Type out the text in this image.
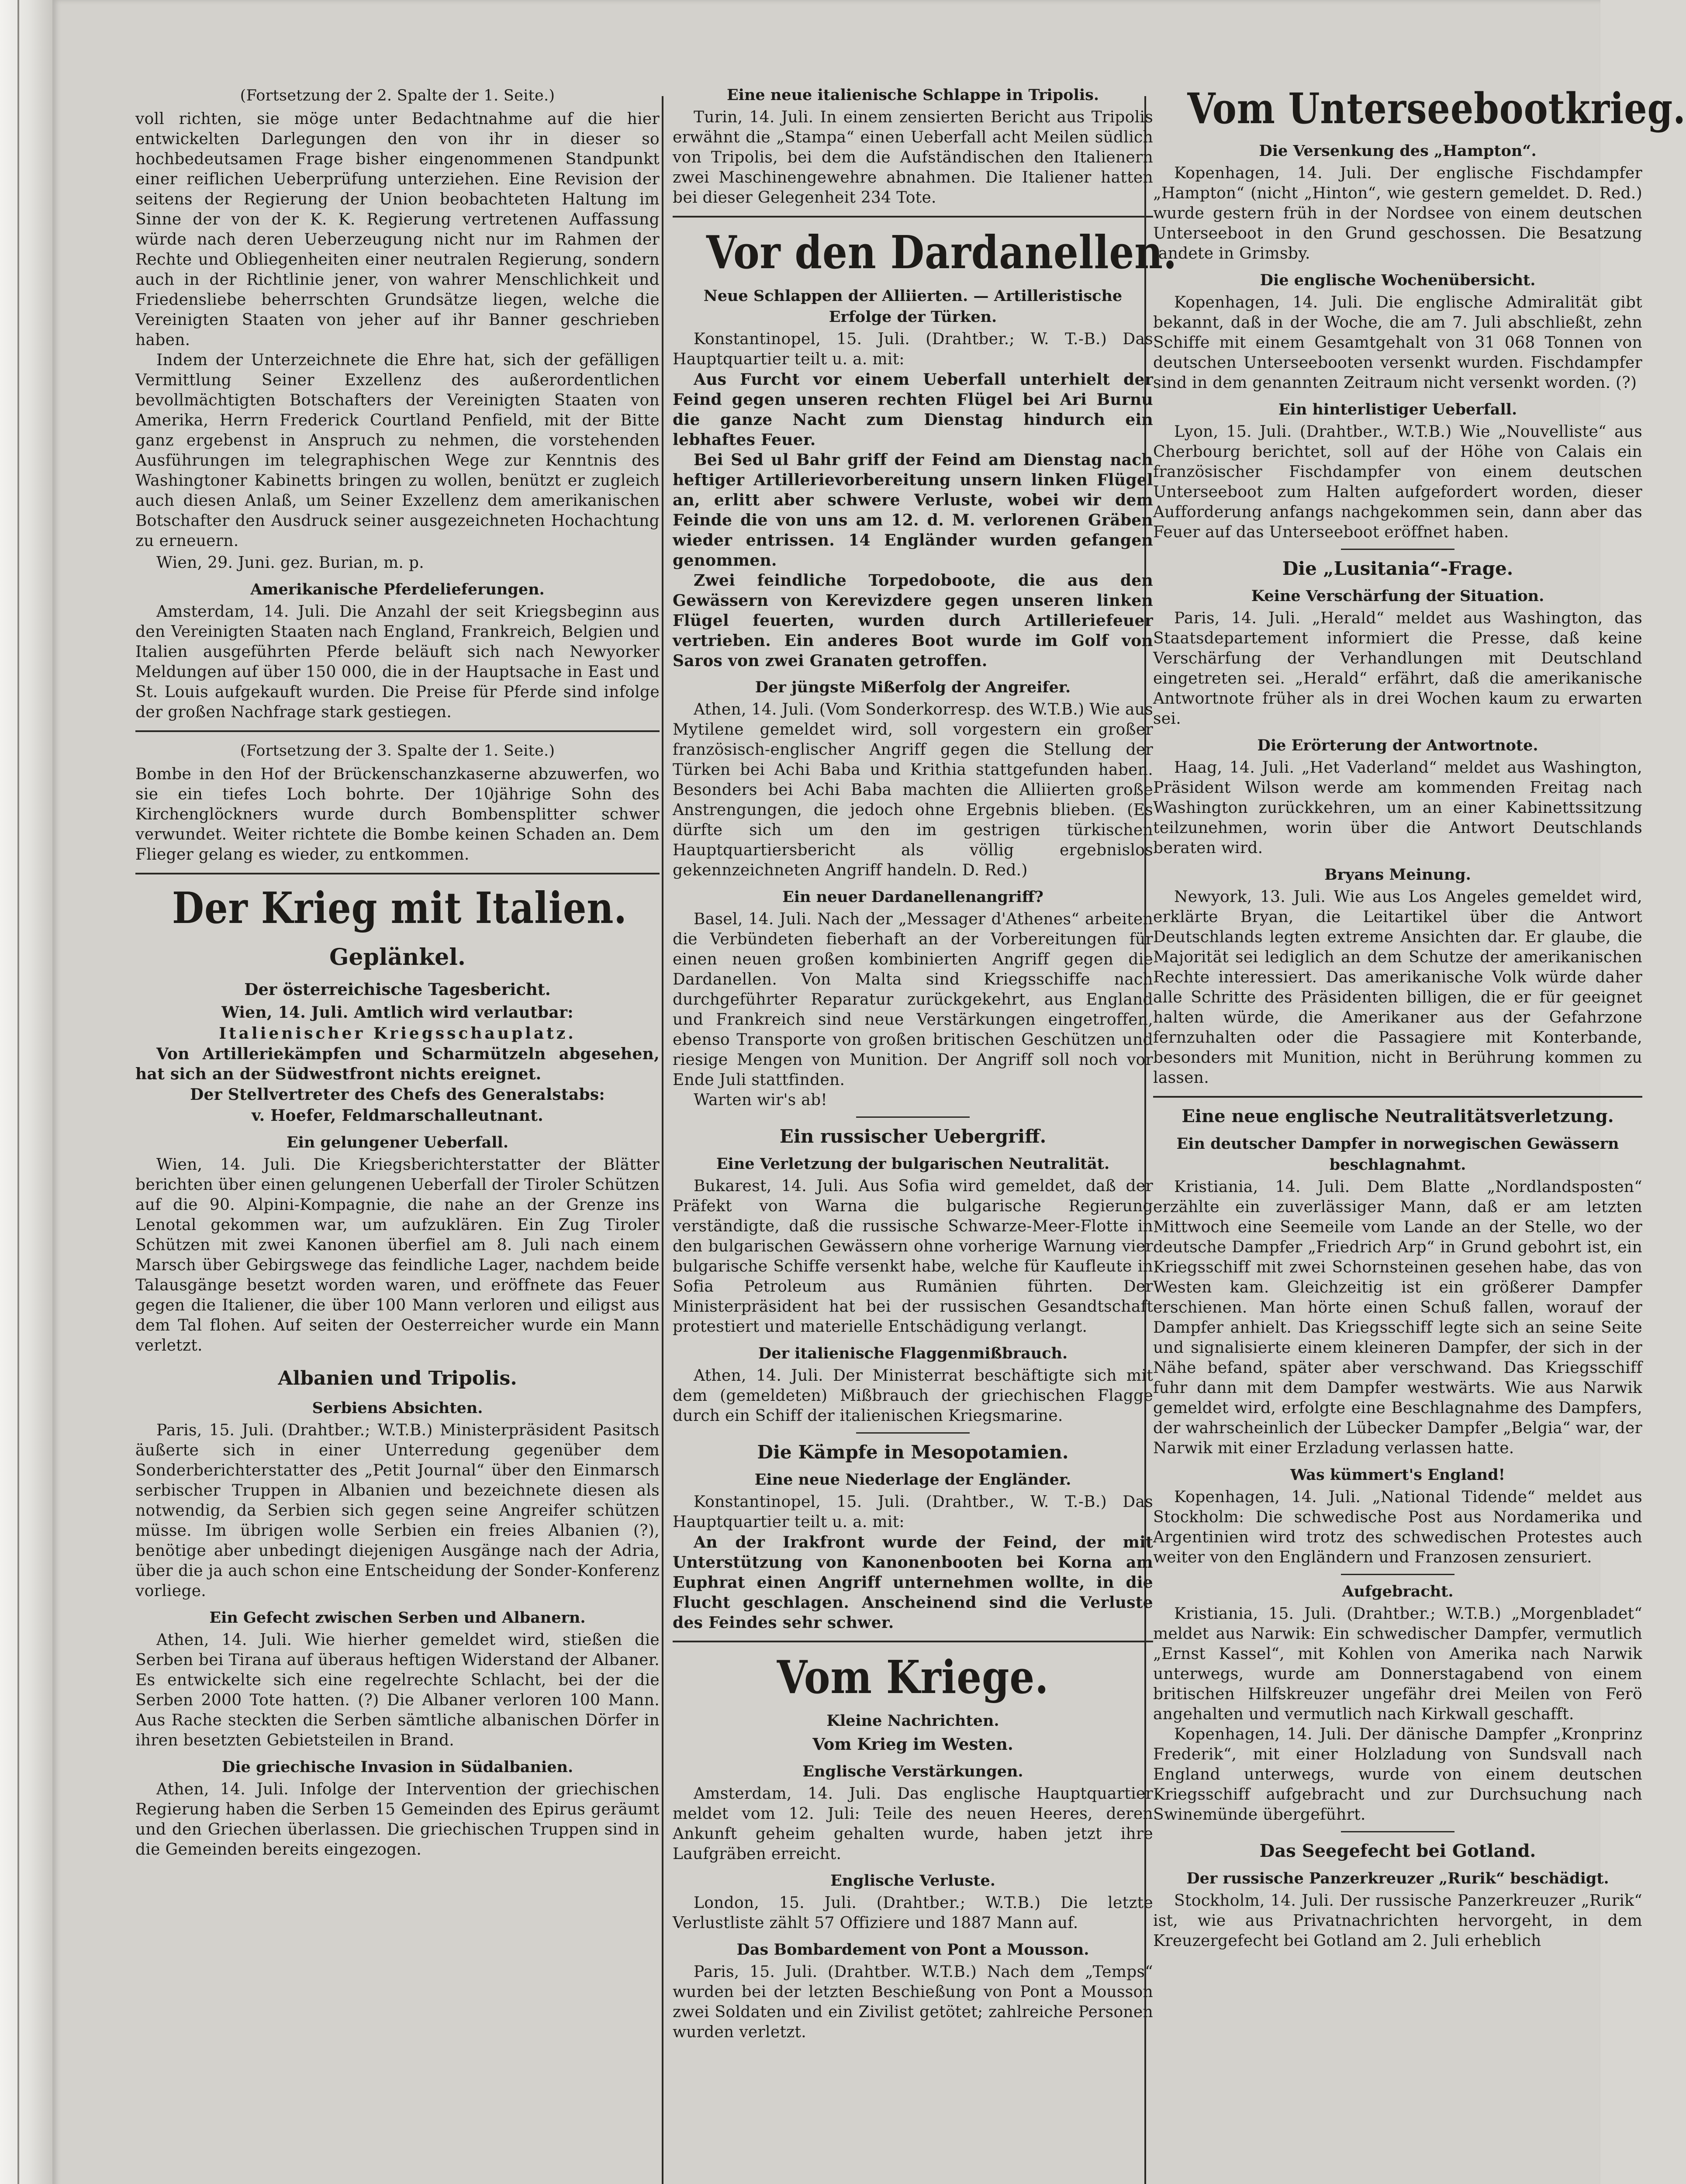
(Fortsetzung der 2. Spalte der 1. Seite.)

voll richten, sie möge unter Bedachtnahme auf die hier entwickelten Darlegungen den von ihr in dieser so hochbedeutsamen Frage bisher eingenommenen Standpunkt einer reiflichen Ueberprüfung unterziehen. Eine Revision der seitens der Regierung der Union beobachteten Haltung im Sinne der von der K. K. Regierung vertretenen Auffassung würde nach deren Ueberzeugung nicht nur im Rahmen der Rechte und Obliegenheiten einer neutralen Regierung, sondern auch in der Richtlinie jener, von wahrer Menschlichkeit und Friedensliebe beherrschten Grundsätze liegen, welche die Vereinigten Staaten von jeher auf ihr Banner geschrieben haben.

Indem der Unterzeichnete die Ehre hat, sich der gefälligen Vermittlung Seiner Exzellenz des außerordentlichen bevollmächtigten Botschafters der Vereinigten Staaten von Amerika, Herrn Frederick Courtland Penfield, mit der Bitte ganz ergebenst in Anspruch zu nehmen, die vorstehenden Ausführungen im telegraphischen Wege zur Kenntnis des Washingtoner Kabinetts bringen zu wollen, benützt er zugleich auch diesen Anlaß, um Seiner Exzellenz dem amerikanischen Botschafter den Ausdruck seiner ausgezeichneten Hochachtung zu erneuern.

Wien, 29. Juni. gez. Burian, m. p.

Amerikanische Pferdelieferungen.

Amsterdam, 14. Juli. Die Anzahl der seit Kriegsbeginn aus den Vereinigten Staaten nach England, Frankreich, Belgien und Italien ausgeführten Pferde beläuft sich nach Newyorker Meldungen auf über 150 000, die in der Hauptsache in East und St. Louis aufgekauft wurden. Die Preise für Pferde sind infolge der großen Nachfrage stark gestiegen.

(Fortsetzung der 3. Spalte der 1. Seite.)

Bombe in den Hof der Brückenschanzkaserne abzuwerfen, wo sie ein tiefes Loch bohrte. Der 10jährige Sohn des Kirchenglöckners wurde durch Bombensplitter schwer verwundet. Weiter richtete die Bombe keinen Schaden an. Dem Flieger gelang es wieder, zu entkommen.

Der Krieg mit Italien.
Geplänkel.
Der österreichische Tagesbericht.

Wien, 14. Juli. Amtlich wird verlautbar:

Italienischer Kriegsschauplatz.

Von Artilleriekämpfen und Scharmützeln abgesehen, hat sich an der Südwestfront nichts ereignet.

Der Stellvertreter des Chefs des Generalstabs:

v. Hoefer, Feldmarschalleutnant.

Ein gelungener Ueberfall.

Wien, 14. Juli. Die Kriegsberichterstatter der Blätter berichten über einen gelungenen Ueberfall der Tiroler Schützen auf die 90. Alpini-Kompagnie, die nahe an der Grenze ins Lenotal gekommen war, um aufzuklären. Ein Zug Tiroler Schützen mit zwei Kanonen überfiel am 8. Juli nach einem Marsch über Gebirgswege das feindliche Lager, nachdem beide Talausgänge besetzt worden waren, und eröffnete das Feuer gegen die Italiener, die über 100 Mann verloren und eiligst aus dem Tal flohen. Auf seiten der Oesterreicher wurde ein Mann verletzt.

Albanien und Tripolis.
Serbiens Absichten.

Paris, 15. Juli. (Drahtber.; W.T.B.) Ministerpräsident Pasitsch äußerte sich in einer Unterredung gegenüber dem Sonderberichterstatter des „Petit Journal“ über den Einmarsch serbischer Truppen in Albanien und bezeichnete diesen als notwendig, da Serbien sich gegen seine Angreifer schützen müsse. Im übrigen wolle Serbien ein freies Albanien (?), benötige aber unbedingt diejenigen Ausgänge nach der Adria, über die ja auch schon eine Entscheidung der Sonder-Konferenz vorliege.

Ein Gefecht zwischen Serben und Albanern.

Athen, 14. Juli. Wie hierher gemeldet wird, stießen die Serben bei Tirana auf überaus heftigen Widerstand der Albaner. Es entwickelte sich eine regelrechte Schlacht, bei der die Serben 2000 Tote hatten. (?) Die Albaner verloren 100 Mann. Aus Rache steckten die Serben sämtliche albanischen Dörfer in ihren besetzten Gebietsteilen in Brand.

Die griechische Invasion in Südalbanien.

Athen, 14. Juli. Infolge der Intervention der griechischen Regierung haben die Serben 15 Gemeinden des Epirus geräumt und den Griechen überlassen. Die griechischen Truppen sind in die Gemeinden bereits eingezogen.

Eine neue italienische Schlappe in Tripolis.

Turin, 14. Juli. In einem zensierten Bericht aus Tripolis erwähnt die „Stampa“ einen Ueberfall acht Meilen südlich von Tripolis, bei dem die Aufständischen den Italienern zwei Maschinengewehre abnahmen. Die Italiener hatten bei dieser Gelegenheit 234 Tote.

Vor den Dardanellen.
Neue Schlappen der Alliierten. — Artilleristische Erfolge der Türken.

Konstantinopel, 15. Juli. (Drahtber.; W. T.-B.) Das Hauptquartier teilt u. a. mit:

Aus Furcht vor einem Ueberfall unterhielt der Feind gegen unseren rechten Flügel bei Ari Burnu die ganze Nacht zum Dienstag hindurch ein lebhaftes Feuer.

Bei Sed ul Bahr griff der Feind am Dienstag nach heftiger Artillerievorbereitung unsern linken Flügel an, erlitt aber schwere Verluste, wobei wir dem Feinde die von uns am 12. d. M. verlorenen Gräben wieder entrissen. 14 Engländer wurden gefangen genommen.

Zwei feindliche Torpedoboote, die aus den Gewässern von Kerevizdere gegen unseren linken Flügel feuerten, wurden durch Artilleriefeuer vertrieben. Ein anderes Boot wurde im Golf von Saros von zwei Granaten getroffen.

Der jüngste Mißerfolg der Angreifer.

Athen, 14. Juli. (Vom Sonderkorresp. des W.T.B.) Wie aus Mytilene gemeldet wird, soll vorgestern ein großer französisch-englischer Angriff gegen die Stellung der Türken bei Achi Baba und Krithia stattgefunden haben. Besonders bei Achi Baba machten die Alliierten große Anstrengungen, die jedoch ohne Ergebnis blieben. (Es dürfte sich um den im gestrigen türkischen Hauptquartiersbericht als völlig ergebnislos gekennzeichneten Angriff handeln. D. Red.)

Ein neuer Dardanellenangriff?

Basel, 14. Juli. Nach der „Messager d'Athenes“ arbeiten die Verbündeten fieberhaft an der Vorbereitungen für einen neuen großen kombinierten Angriff gegen die Dardanellen. Von Malta sind Kriegsschiffe nach durchgeführter Reparatur zurückgekehrt, aus England und Frankreich sind neue Verstärkungen eingetroffen, ebenso Transporte von großen britischen Geschützen und riesige Mengen von Munition. Der Angriff soll noch vor Ende Juli stattfinden.

Warten wir's ab!

Ein russischer Uebergriff.
Eine Verletzung der bulgarischen Neutralität.

Bukarest, 14. Juli. Aus Sofia wird gemeldet, daß der Präfekt von Warna die bulgarische Regierung verständigte, daß die russische Schwarze-Meer-Flotte in den bulgarischen Gewässern ohne vorherige Warnung vier bulgarische Schiffe versenkt habe, welche für Kaufleute in Sofia Petroleum aus Rumänien führten. Der Ministerpräsident hat bei der russischen Gesandtschaft protestiert und materielle Entschädigung verlangt.

Der italienische Flaggenmißbrauch.

Athen, 14. Juli. Der Ministerrat beschäftigte sich mit dem (gemeldeten) Mißbrauch der griechischen Flagge durch ein Schiff der italienischen Kriegsmarine.

Die Kämpfe in Mesopotamien.
Eine neue Niederlage der Engländer.

Konstantinopel, 15. Juli. (Drahtber., W. T.-B.) Das Hauptquartier teilt u. a. mit:

An der Irakfront wurde der Feind, der mit Unterstützung von Kanonenbooten bei Korna am Euphrat einen Angriff unternehmen wollte, in die Flucht geschlagen. Anscheinend sind die Verluste des Feindes sehr schwer.

Vom Kriege.
Kleine Nachrichten.
Vom Krieg im Westen.
Englische Verstärkungen.

Amsterdam, 14. Juli. Das englische Hauptquartier meldet vom 12. Juli: Teile des neuen Heeres, deren Ankunft geheim gehalten wurde, haben jetzt ihre Laufgräben erreicht.

Englische Verluste.

London, 15. Juli. (Drahtber.; W.T.B.) Die letzte Verlustliste zählt 57 Offiziere und 1887 Mann auf.

Das Bombardement von Pont a Mousson.

Paris, 15. Juli. (Drahtber. W.T.B.) Nach dem „Temps“ wurden bei der letzten Beschießung von Pont a Mousson zwei Soldaten und ein Zivilist getötet; zahlreiche Personen wurden verletzt.

Vom Unterseebootkrieg.
Die Versenkung des „Hampton“.

Kopenhagen, 14. Juli. Der englische Fischdampfer „Hampton“ (nicht „Hinton“, wie gestern gemeldet. D. Red.) wurde gestern früh in der Nordsee von einem deutschen Unterseeboot in den Grund geschossen. Die Besatzung landete in Grimsby.

Die englische Wochenübersicht.

Kopenhagen, 14. Juli. Die englische Admiralität gibt bekannt, daß in der Woche, die am 7. Juli abschließt, zehn Schiffe mit einem Gesamtgehalt von 31 068 Tonnen von deutschen Unterseebooten versenkt wurden. Fischdampfer sind in dem genannten Zeitraum nicht versenkt worden. (?)

Ein hinterlistiger Ueberfall.

Lyon, 15. Juli. (Drahtber., W.T.B.) Wie „Nouvelliste“ aus Cherbourg berichtet, soll auf der Höhe von Calais ein französischer Fischdampfer von einem deutschen Unterseeboot zum Halten aufgefordert worden, dieser Aufforderung anfangs nachgekommen sein, dann aber das Feuer auf das Unterseeboot eröffnet haben.

Die „Lusitania“-Frage.
Keine Verschärfung der Situation.

Paris, 14. Juli. „Herald“ meldet aus Washington, das Staatsdepartement informiert die Presse, daß keine Verschärfung der Verhandlungen mit Deutschland eingetreten sei. „Herald“ erfährt, daß die amerikanische Antwortnote früher als in drei Wochen kaum zu erwarten sei.

Die Erörterung der Antwortnote.

Haag, 14. Juli. „Het Vaderland“ meldet aus Washington, Präsident Wilson werde am kommenden Freitag nach Washington zurückkehren, um an einer Kabinettssitzung teilzunehmen, worin über die Antwort Deutschlands beraten wird.

Bryans Meinung.

Newyork, 13. Juli. Wie aus Los Angeles gemeldet wird, erklärte Bryan, die Leitartikel über die Antwort Deutschlands legten extreme Ansichten dar. Er glaube, die Majorität sei lediglich an dem Schutze der amerikanischen Rechte interessiert. Das amerikanische Volk würde daher alle Schritte des Präsidenten billigen, die er für geeignet halten würde, die Amerikaner aus der Gefahrzone fernzuhalten oder die Passagiere mit Konterbande, besonders mit Munition, nicht in Berührung kommen zu lassen.

Eine neue englische Neutralitätsverletzung.
Ein deutscher Dampfer in norwegischen Gewässern beschlagnahmt.

Kristiania, 14. Juli. Dem Blatte „Nordlandsposten“ erzählte ein zuverlässiger Mann, daß er am letzten Mittwoch eine Seemeile vom Lande an der Stelle, wo der deutsche Dampfer „Friedrich Arp“ in Grund gebohrt ist, ein Kriegsschiff mit zwei Schornsteinen gesehen habe, das von Westen kam. Gleichzeitig ist ein größerer Dampfer erschienen. Man hörte einen Schuß fallen, worauf der Dampfer anhielt. Das Kriegsschiff legte sich an seine Seite und signalisierte einem kleineren Dampfer, der sich in der Nähe befand, später aber verschwand. Das Kriegsschiff fuhr dann mit dem Dampfer westwärts. Wie aus Narwik gemeldet wird, erfolgte eine Beschlagnahme des Dampfers, der wahrscheinlich der Lübecker Dampfer „Belgia“ war, der Narwik mit einer Erzladung verlassen hatte.

Was kümmert's England!

Kopenhagen, 14. Juli. „National Tidende“ meldet aus Stockholm: Die schwedische Post aus Nordamerika und Argentinien wird trotz des schwedischen Protestes auch weiter von den Engländern und Franzosen zensuriert.

Aufgebracht.

Kristiania, 15. Juli. (Drahtber.; W.T.B.) „Morgenbladet“ meldet aus Narwik: Ein schwedischer Dampfer, vermutlich „Ernst Kassel“, mit Kohlen von Amerika nach Narwik unterwegs, wurde am Donnerstagabend von einem britischen Hilfskreuzer ungefähr drei Meilen von Ferö angehalten und vermutlich nach Kirkwall geschafft.

Kopenhagen, 14. Juli. Der dänische Dampfer „Kronprinz Frederik“, mit einer Holzladung von Sundsvall nach England unterwegs, wurde von einem deutschen Kriegsschiff aufgebracht und zur Durchsuchung nach Swinemünde übergeführt.

Das Seegefecht bei Gotland.
Der russische Panzerkreuzer „Rurik“ beschädigt.

Stockholm, 14. Juli. Der russische Panzerkreuzer „Rurik“ ist, wie aus Privatnachrichten hervorgeht, in dem Kreuzergefecht bei Gotland am 2. Juli erheblich
